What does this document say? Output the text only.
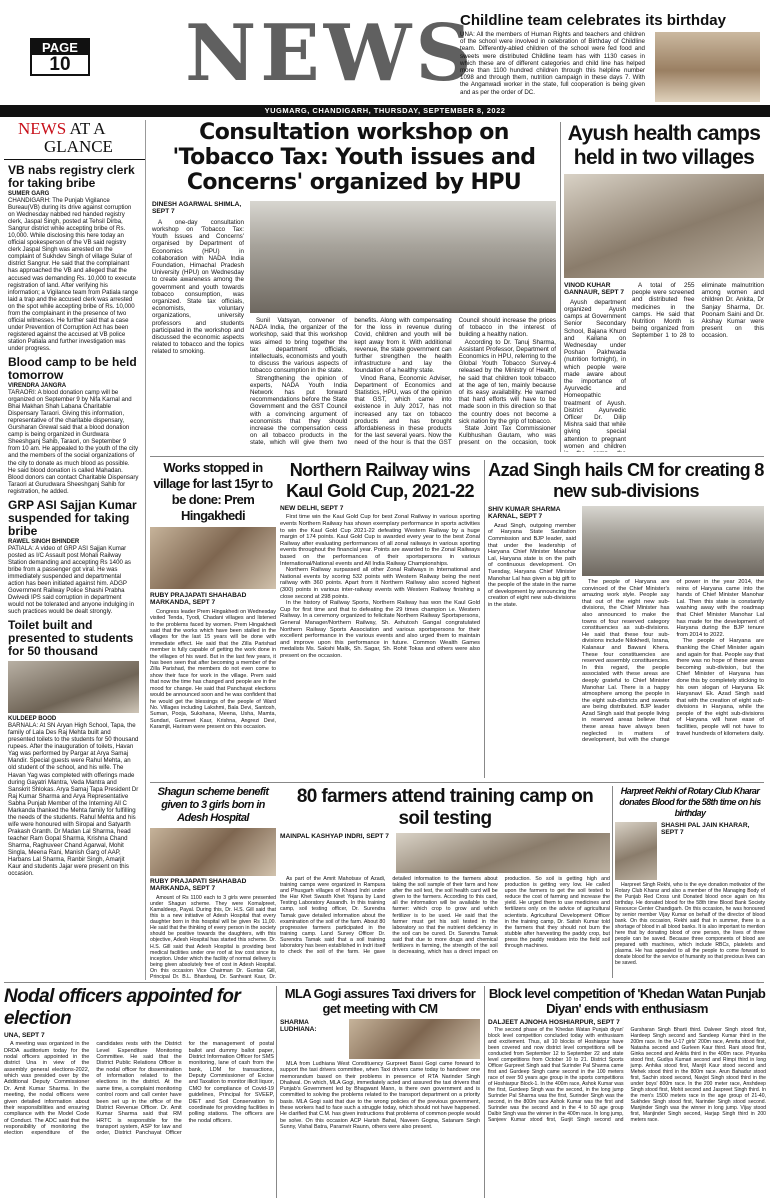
PAGE
10 NEWS
Childline team celebrates its birthday

UNA: All the members of Human Rights and teachers and children of the school were involved in celebration of Birthday of Childline team. Differently-abled children of the school were fed food and sweets were distributed Childline team has with 1130 cases in which these are of different categories and child line has helped more than 1100 hundred children through this helpline number 1098 and through them, nutrition campaign in these days 7. With the Anganwadi worker in the state, full cooperation is being given and as per the order of DC.

YUGMARG, CHANDIGARH, THURSDAY, SEPTEMBER 8, 2022
NEWS AT A
GLANCE
VB nabs registry clerk for taking bribe
SUMER GARG

CHANDIGARH: The Punjab Vigilance Bureau(VB) during its drive against corruption on Wednesday nabbed red handed registry clerk, Jaspal Singh, posted at Tehsil Dirba, Sangrur district while accepting bribe of Rs. 10,000. While disclosing this here today an official spokesperson of the VB said registry clerk Jaspal Singh was arrested on the complaint of Sukhdev Singh of village Sular of district Sangrur. He said that the complainant has approached the VB and alleged that the accused was demanding Rs. 10,000 to execute registration of land. After verifying his information; a Vigilance team from Patiala range laid a trap and the accused clerk was arrested on the spot while accepting bribe of Rs. 10,000 from the complainant in the presence of two official witnesses. He further said that a case under Prevention of Corruption Act has been registered against the accused at VB police station Patiala and further investigation was under progress.

Blood camp to be held tomorrow
VIRENDRA JANGRA

TARAORI: A blood donation camp will be organized on September 9 by Nifa Karnal and Bhai Makhan Shah Labana Charitable Dispensary Taraori. Giving this information, representative of the charitable dispensary, Gursharan Grewal said that a blood donation camp is being organized in Gurdwara Sheeshganj Sahib, Taraori, on September 9 from 10 am. He appealed to the youth of the city and the members of the social organizations of the city to donate as much blood as possible. He said blood donation is called Mahadan. Blood donors can contact Charitable Dispensary Taraori at Gurudwara Sheeshganj Sahib for registration, he added.

GRP ASI Sajjan Kumar suspended for taking bribe
RAWEL SINGH BHINDER

PATIALA: A video of GRP ASI Sajjan Kumar posted as I/C Assault post Mohali Railway Station demanding and accepting Rs 1400 as bribe from a passenger got viral. He was immediately suspended and departmental action has been initiated against him. ADGP Government Railway Police Shashi Prabha Dwivedi IPS said corruption in department would not be tolerated and anyone indulging in such practices would be dealt strongly.

Toilet built and presented to students for 50 thousand
KULDEEP BOOD

BARNALA: At SN Aryan High School, Tapa, the family of Lala Des Raj Mehta built and presented toilets to the students for 50 thousand rupees. After the inauguration of toilets, Havan Yag was performed by Pargar at Arya Samaj Mandir. Special guests were Rahul Mehta, an old student of the school, and his wife. The Havan Yag was completed with offerings made during Gayatri Mantra, Veda Mantra and Sanskrit Shlokas. Arya Samaj Tapa President Dr Raj Kumar Sharma and Arya Representative Sabha Punjab Member of the Interning All C Markanda thanked the Mehta family for fulfilling the needs of the students. Rahul Mehta and his wife were honoured with Siropai and Satyarth Prakash Granth. Dr Madan Lal Sharma, head teacher Ram Gopal Sharma, Krishna Chand Sharma, Raghuveer Chand Agarwal, Mohit Singla, Meena Rani, Manish Garg of AAP, Harbans Lal Sharma, Ranbir Singh, Amarjit Kaur and students Jajar were present on this occasion.

Consultation workshop on 'Tobacco Tax: Youth issues and Concerns' organized by HPU
DINESH AGARWAL SHIMLA, SEPT 7

A one-day consultation workshop on 'Tobacco Tax: Youth Issues and Concerns' organised by Department of Economics (HPU) in collaboration with NADA India Foundation, Himachal Pradesh University (HPU) on Wednesday to create awareness among the government and youth towards tobacco consumption, was organized. State tax officials, economists, voluntary organizations, university professors and students participated in the workshop and discussed the economic aspects related to tobacco and the topics related to smoking.

Sunil Vatsyan, convener of NADA India, the organizer of the workshop, said that this workshop was aimed to bring together the tax department officials, intellectuals, economists and youth to discuss the various aspects of tobacco consumption in the state.

Strengthening the opinion of experts, NADA Youth India Network has put forward recommendations before the State Government and the GST Council with a convincing argument of economists that they should increase the compensation cess on all tobacco products in the state, which will give them two benefits. Along with compensating for the loss in revenue during Covid, children and youth will be kept away from it. With additional revenue, the state government can further strengthen the health infrastructure and lay the foundation of a healthy state.

Vinod Rana, Economic Adviser, Department of Economics and Statistics, HPU, was of the opinion that GST, which came into existence in July 2017, has not increased any tax on tobacco products and has brought affordableness in these products for the last several years. Now the need of the hour is that the GST Council should increase the prices of tobacco in the interest of building a healthy nation.

According to Dr. Tanuj Sharma, Assistant Professor, Department of Economics in HPU, referring to the Global Youth Tobacco Survey-4 released by the Ministry of Health, he said that children took tobacco at the age of ten, mainly because of its easy availability. He warned that hard efforts will have to be made soon in this direction so that the country does not become a sick nation by the grip of tobacco.

State Joint Tax Commissioner Kulbhushan Gautam, who was present on the occasion, took

Ayush health camps held in two villages
VINOD KUHAR GANNAUR, SEPT 7

Ayush department organized Ayush camps at Government Senior Secondary School, Bajana Khurd and Kailana on Wednesday under Poshan Pakhwada (nutrition fortnight), in which people were made aware about the importance of Ayurvedic and Homeopathic treatment of Ayush. District Ayurvedic Officer Dr. Dilip Mishra said that while giving special attention to pregnant women and children

A total of 255 people were screened and distributed free medicines in the camps. He said that Nutrition Month is being organized from September 1 to 28 to eliminate malnutrition among women and children Dr. Ankita, Dr Sanjay Sharma, Dr. Poonam Saini and Dr. Akshay Kumar were present on this occasion.

Works stopped in village for last 15yr to be done: Prem Hingakhedi
RUBY PRAJAPATI SHAHABAD MARKANDA, SEPT 7

Congress leader Prem Hingakhedi on Wednesday visited Tenda, Tyodi, Chadani villages and listened to the problems faced by women. Prem Hingakhedi said that the works which have been stalled in the villages for the last 15 years will be done with immediate effect. He said that the Zilla Parishad member is fully capable of getting the work done in the villages of his ward. But in the last few years, it has been seen that after becoming a member of the Zilla Parishad, the members do not even come to show their face for work in the village. Prem said that now the time has changed and people are in the mood for change. He said that Panchayat elections would be announced soon and he was confident that he would get the blessings of the people of Ward No. Villages including Lakshmi, Bala Devi, Santosh, Suman, Pooja, Sukshana, Meena, Usha, Mamta, Sundari, Gurmeet Kaur, Krishna, Angrezi Devi, Karamjit, Hariram were present on this occasion.

Northern Railway wins Kaul Gold Cup, 2021-22
NEW DELHI, SEPT 7

First time win the Kaul Gold Cup for best Zonal Railway in various sporting events Northern Railway has shown exemplary performance in sports activities to win the Kaul Gold Cup 2021-22 defeating Western Railway by a huge margin of 174 points. Kaul Gold Cup is awarded every year to the best Zonal Railway after evaluating performances of all zonal railways in various sporting events throughout the financial year. Points are awarded to the Zonal Railways based on the performances of their sportspersons in various International/National events and All India Railway Championships.

Northern Railway surpassed all other Zonal Railways in International and National events by scoring 532 points with Western Railway being the next railway with 360 points. Apart from it Northern Railway also scored highest (300) points in various inter-railway events with Western Railway finishing a close second at 298 points.

In the history of Railway Sports, Northern Railway has won the Kaul Gold Cup for first time and that to defeating the 29 times champion i.e. Western Railway. In a ceremony organized to felicitate Northern Railway Sportspersons, General Manager/Northern Railway, Sh. Ashutosh Gangal congratulated Northern Railway Sports Association and various sportspersons for their excellent performance in the various events and also urged them to maintain and improve upon this performance in future. Common Wealth Games medalists Ms. Sakshi Malik, Sh. Sagar, Sh. Rohit Tokas and others were also present on the occasion.

Azad Singh hails CM for creating 8 new sub-divisions
SHIV KUMAR SHARMA KARNAL, SEPT 7

Azad Singh, outgoing member of Haryana State Sanitation Commission and BJP leader, said that under the leadership of Haryana Chief Minister Manohar Lal, Haryana state is on the path of continuous development. On Tuesday, Haryana Chief Minister Manohar Lal has given a big gift to the people of the state in the name of development by announcing the creation of eight new sub-divisions in the state.

The people of Haryana are convinced of the Chief Minister's amazing work style. People say that out of the eight new sub-divisions, the Chief Minister has also announced to make the towns of four reserved category constituencies as sub-divisions. He said that these four sub-divisions include Nilokhedi, Israna, Kalanaur and Bawani Khera. These four constituencies are reserved assembly constituencies. In this regard, the people associated with these areas are deeply grateful to Chief Minister Manohar Lal. There is a happy atmosphere among the people in the eight sub-districts and sweets are being distributed. BJP leader Azad Singh said that people living in reserved areas believe that these areas have always been neglected in matters of development, but with the change of power in the year 2014, the reins of Haryana came into the hands of Chief Minister Manohar Lal. Then this state is constantly washing away with the roadmap that Chief Minister Manohar Lal has made for the development of Haryana during the BJP tenure from 2014 to 2022.

The people of Haryana are thanking the Chief Minister again and again for that. People say that there was no hope of these areas becoming sub-division, but the Chief Minister of Haryana has done this by completely sticking to his own slogan of Haryana Ek Haryanavi Ek. Azad Singh said that with the creation of eight sub-divisions in Haryana, while the people of the eight sub-divisions of Haryana will have ease of facilities, people will not have to travel hundreds of kilometers daily.

Shagun scheme benefit given to 3 girls born in Adesh Hospital
RUBY PRAJAPATI SHAHABAD MARKANDA, SEPT 7

Amount of Rs 1100 each to 3 girls were presented under Shagun scheme. They were Komalpreet, Kamaldeep, Payal. During this, Dr. H.S. Gill said that this is a new initiative of Adesh Hospital that every daughter born in this hospital will be given Rs 11,00. He said that the thinking of every person in the society should be positive towards the daughters, with this objective, Adesh Hospital has started this scheme. Dr. H.S. Gill said that Adesh Hospital is providing best medical facilities under one roof at low cost since its inception. Under which the facility of normal delivery is being given absolutely free of cost in Adesh Hospital. On this occasion Vice Chairman Dr. Guntas Gill, Principal Dr. B.L. Bhardwaj, Dr. Sanhvant Kaur, Dr.

80 farmers attend training camp on soil testing
MAINPAL KASHYAP INDRI, SEPT 7

As part of the Amrit Mahotsav of Azadi, training camps were organized in Rampura and Phusgarh villages of Khand Indri under the Har Khet Swasth Khet Yojana by Land Testing Laboratory Assandh. In this training camp, soil testing officer, Dr. Surendra Tamak gave detailed information about the examination of the soil of the farm. About 80 progressive farmers participated in the training camp. Land Survey Officer Dr. Surendra Tamak said that a soil training laboratory has been established in Indri itself to check the soil of the farm. He gave detailed information to the farmers about taking the soil sample of their farm and how after the soil test, the soil health card will be given to the farmers. According to this card, all the information will be available to the farmer: which crop to grow and which fertilizer is to be used. He said that the farmer must get his soil tested in the laboratory so that the nutrient deficiency in the soil can be cured. Dr. Surendra Tamak said that due to more drugs and chemical fertilizers in farming, the strength of the soil is decreasing, which has a direct impact on production. So soil is getting high and production is getting very low. He called upon the farmers to get the soil tested to reduce the cost of farming and increase the yield. He urged them to use medicines and fertilizers only on the advice of agricultural scientists. Agricultural Development Officer in the training camp, Dr. Satish Kumar told the farmers that they should not burn the stubble after harvesting the paddy crop, but press the paddy residues into the field soil through machines.

Harpreet Rekhi of Rotary Club Kharar donates Blood for the 58th time on his birthday
SHASHI PAL JAIN KHARAR, SEPT 7

Harpreet Singh Rekhi, who is the eye donation motivator of the Rotary Club Kharar and also a member of the Managing Body of the Punjab Red Cross unit Donated blood once again on his birthday. He donated blood for the 58th time Blood Bank Society Resource Center Chandigarh. On this occasion, he was honoured by senior member Vijay Kumar on behalf of the director of blood bank. On this occasion, Rekhi said that in summer, there is a shortage of blood in all blood banks. It is also important to mention here that by donating blood of one person, the lives of three people can be saved. Because three components of blood are prepared with machines, which include RBCs, platelets and plasma. He has appealed to all the people to come forward to donate blood for the service of humanity so that precious lives can be saved.

Nodal officers appointed for election
UNA, SEPT 7

A meeting was organized in the DRDA auditorium today for the nodal officers appointed in the district Una in view of the assembly general elections-2022, which was presided over by the Additional Deputy Commissioner Dr. Amit Kumar Sharma. In the meeting, the nodal officers were given detailed information about their responsibilities and ensuring compliance with the Model Code of Conduct. The ADC said that the responsibility of monitoring the election expenditure of the candidates rests with the District Level Expenditure Monitoring Committee. He said that the District Public Relations Officer is the nodal officer for dissemination of information related to the elections in the district. At the same time, a complaint monitoring control room and call center have been set up in the office of the District Revenue Officer. Dr. Amit Kumar Sharma said that RM HRTC is responsible for the transport system, ASP for law and order, District Panchayat Officer for the management of postal ballot and dummy ballot paper, District Information Officer for SMS monitoring, lane of cash from the bank, LDM for transactions, Deputy Commissioner of Excise and Taxation to monitor illicit liquor, CMO for compliance of Covid-19 guidelines, Principal for SVEEP, DIET and Soil Conservation to coordinate for providing facilities in polling stations. The officers are the nodal officers.

MLA Gogi assures Taxi drivers for get meeting with CM
SHARMA LUDHIANA:

MLA from Ludhiana West Constituency Gurpreet Bassi Gogi came forward to support the taxi drivers committee, when Taxi drivers came today to handover one memorandum based on their problems in presence of RTA Narinder Singh Dhaliwal. On which, MLA Gogi, immediately acted and assured the taxi drivers that Punjab's Government led by Bhagwant Mann, is there own government and is committed to solving the problems related to the transport department on a priority basis. MLA Gogi said that due to the wrong policies of the previous government, these workers had to face such a struggle today, which should not have happened. He clarified that C.M. has given instructions that problems of common people would be solve. On this occasion ACP Harish Bahal, Naveen Gogna, Satanam Singh Sunny, Vishal Batra, Paramvir Raunn, others were also present.

Block level competition of 'Khedan Watan Punjab Diyan' ends with enthusiasm
DALJEET AJNOHA HOSHIARPUR, SEPT 7

The second phase of the 'Khedan Watan Punjab diyan' block level competition concluded today with enthusiasm and excitement. Thus, all 10 blocks of Hoshiarpur have been covered and now district level competitions will be conducted from September 12 to September 22 and state level competitions from October 10 to 21. District Sports Officer Gurpreet Singh said that Surinder Pal Sharma came first and Gurdeep Singh came second in the 100 meters race of over 50 years age group in the sports competitions of Hoshiarpur Block-1. In the 400m race, Ashok Kumar was the first, Gurdeep Singh was the second, in the long jump Surinder Pal Sharma was the first, Surinder Singh was the second, in the 800m race Ashok Kumar was the first and Surinder was the second and in the 4 to 50 age group Dalbir Singh was the winner in the 400m race. In long jump, Sanjeev Kumar stood first, Gurjit Singh second and Gursharan Singh Bharti third. Dalveer Singh stood first, Hardeep Singh second and Sandeep Kumar third in the 200m race. In the U-17 girls' 200m race, Amrita stood first, Natasha second and Gurleen Kaur third. Rani stood first, Ginka second and Ankita third in the 400m race. Priyanka stood first, Gudiya Kumari second and Rimpi third in long jump. Anhika stood first, Manjit Kaur stood second and Mehek stood third in the 800m race. Arun Bahadur stood first, Sachin stood second, Navjot Singh stood third in the under boys' 800m race. In the 200 meter race, Anshdeep Singh stood first, Mohit second and Jaspreet Singh third. In the men's 1500 meters race in the age group of 21-40, Sukhdev Singh stood first, Narinder Singh stood second. Manjinder Singh was the winner in long jump. Vijay stood first, Manjinder Singh second, Harjap Singh third in 200 meters race.
